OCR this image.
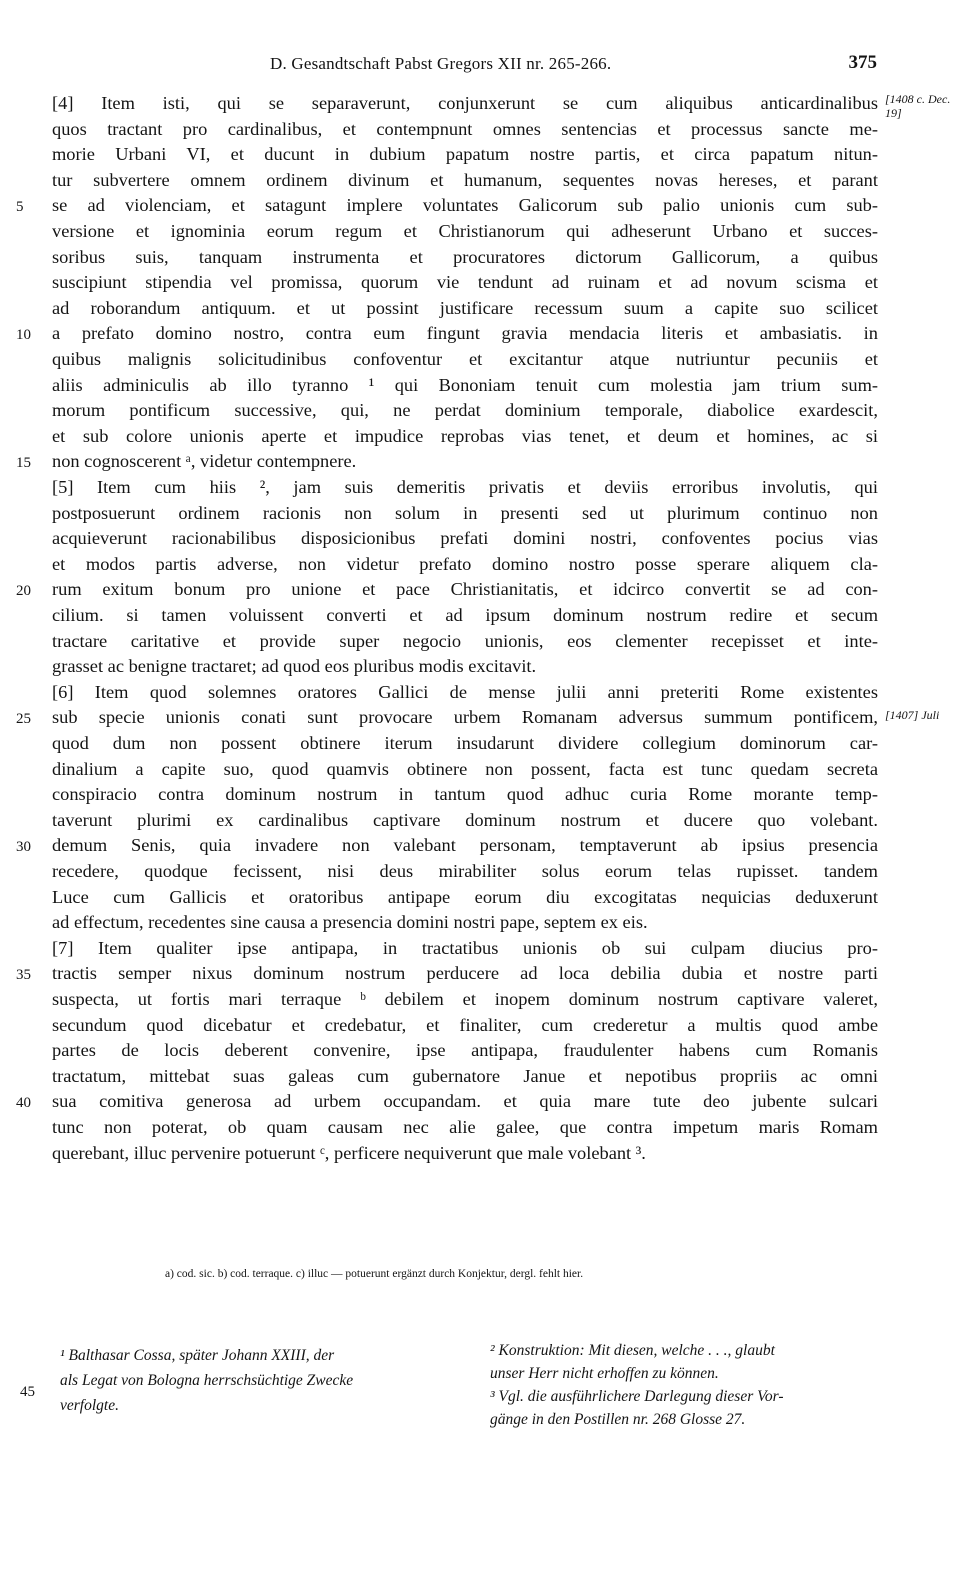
D. Gesandtschaft Pabst Gregors XII nr. 265-266.	375
[4] Item isti, qui se separaverunt, conjunxerunt se cum aliquibus anticardinalibus
quos tractant pro cardinalibus, et contempnunt omnes sentencias et processus sancte me-
morie Urbani VI, et ducunt in dubium papatum nostre partis, et circa papatum nitun-
tur subvertere omnem ordinem divinum et humanum, sequentes novas hereses, et parant
se ad violenciam, et satagunt implere voluntates Galicorum sub palio unionis cum sub-
versione et ignominia eorum regum et Christianorum qui adheserunt Urbano et succes-
soribus suis, tanquam instrumenta et procuratores dictorum Gallicorum, a quibus
suscipiunt stipendia vel promissa, quorum vie tendunt ad ruinam et ad novum scisma et
ad roborandum antiquum. et ut possint justificare recessum suum a capite suo scilicet
a prefato domino nostro, contra eum fingunt gravia mendacia literis et ambasiatis. in
quibus malignis solicitudinibus confoventur et excitantur atque nutriuntur pecuniis et
aliis adminiculis ab illo tyranno ¹ qui Bononiam tenuit cum molestia jam trium sum-
morum pontificum successive, qui, ne perdat dominium temporale, diabolice exardescit,
et sub colore unionis aperte et impudice reprobas vias tenet, et deum et homines, ac si
non cognoscerent ᵃ, videtur contempnere.
[5] Item cum hiis ², jam suis demeritis privatis et deviis erroribus involutis, qui
postposuerunt ordinem racionis non solum in presenti sed ut plurimum continuo non
acquieverunt racionabilibus disposicionibus prefati domini nostri, confoventes pocius vias
et modos partis adverse, non videtur prefato domino nostro posse sperare aliquem cla-
rum exitum bonum pro unione et pace Christianitatis, et idcirco convertit se ad con-
cilium. si tamen voluissent converti et ad ipsum dominum nostrum redire et secum
tractare caritative et provide super negocio unionis, eos clementer recepisset et inte-
grasset ac benigne tractaret; ad quod eos pluribus modis excitavit.
[6] Item quod solemnes oratores Gallici de mense julii anni preteriti Rome existentes
sub specie unionis conati sunt provocare urbem Romanam adversus summum pontificem,
quod dum non possent obtinere iterum insudarunt dividere collegium dominorum car-
dinalium a capite suo, quod quamvis obtinere non possent, facta est tunc quedam secreta
conspiracio contra dominum nostrum in tantum quod adhuc curia Rome morante temp-
taverunt plurimi ex cardinalibus captivare dominum nostrum et ducere quo volebant.
demum Senis, quia invadere non valebant personam, temptaverunt ab ipsius presencia
recedere, quodque fecissent, nisi deus mirabiliter solus eorum telas rupisset. tandem
Luce cum Gallicis et oratoribus antipape eorum diu excogitatas nequicias deduxerunt
ad effectum, recedentes sine causa a presencia domini nostri pape, septem ex eis.
[7] Item qualiter ipse antipapa, in tractatibus unionis ob sui culpam diucius pro-
tractis semper nixus dominum nostrum perducere ad loca debilia dubia et nostre parti
suspecta, ut fortis mari terraque ᵇ debilem et inopem dominum nostrum captivare valeret,
secundum quod dicebatur et credebatur, et finaliter, cum crederetur a multis quod ambe
partes de locis deberent convenire, ipse antipapa, fraudulenter habens cum Romanis
tractatum, mittebat suas galeas cum gubernatore Janue et nepotibus propriis ac omni
sua comitiva generosa ad urbem occupandam. et quia mare tute deo jubente sulcari
tunc non poterat, ob quam causam nec alie galee, que contra impetum maris Romam
querebant, illuc pervenire potuerunt ᶜ, perficere nequiverunt que male volebant ³.
5
10
15
20
25
30
35
40
[1408 c. Dec. 19]
[1407] Juli
a) cod. sic. b) cod. terraque. c) illuc — potuerunt ergänzt durch Konjektur, dergl. fehlt hier.
¹ Balthasar Cossa, später Johann XXIII, der
als Legat von Bologna herrschsüchtige Zwecke
verfolgte.
45
² Konstruktion: Mit diesen, welche . . ., glaubt
unser Herr nicht erhoffen zu können.
³ Vgl. die ausführlichere Darlegung dieser Vor-
gänge in den Postillen nr. 268 Glosse 27.
